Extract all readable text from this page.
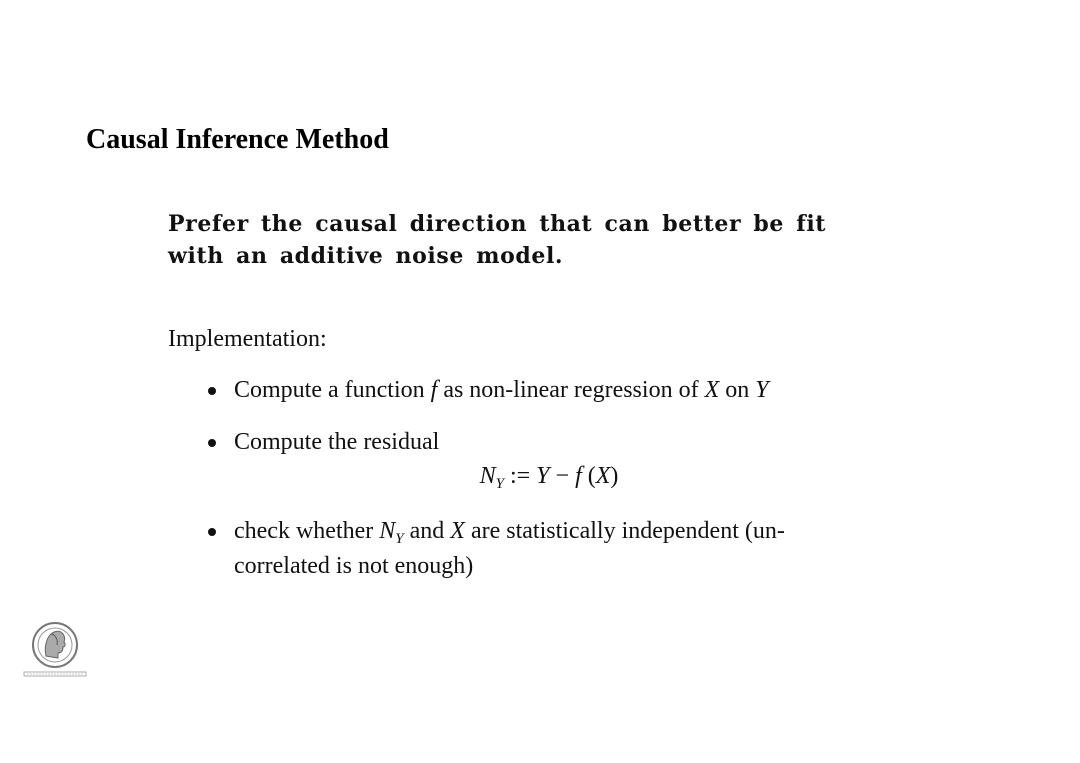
Causal Inference Method

Prefer the causal direction that can better be fit
with an additive noise model.

Implementation:

Compute a function f as non-linear regression of X on Y
Compute the residual
$N_Y$ := Y − f (X)
check whether $N_Y$ and X are statistically independent (un-
correlated is not enough)
